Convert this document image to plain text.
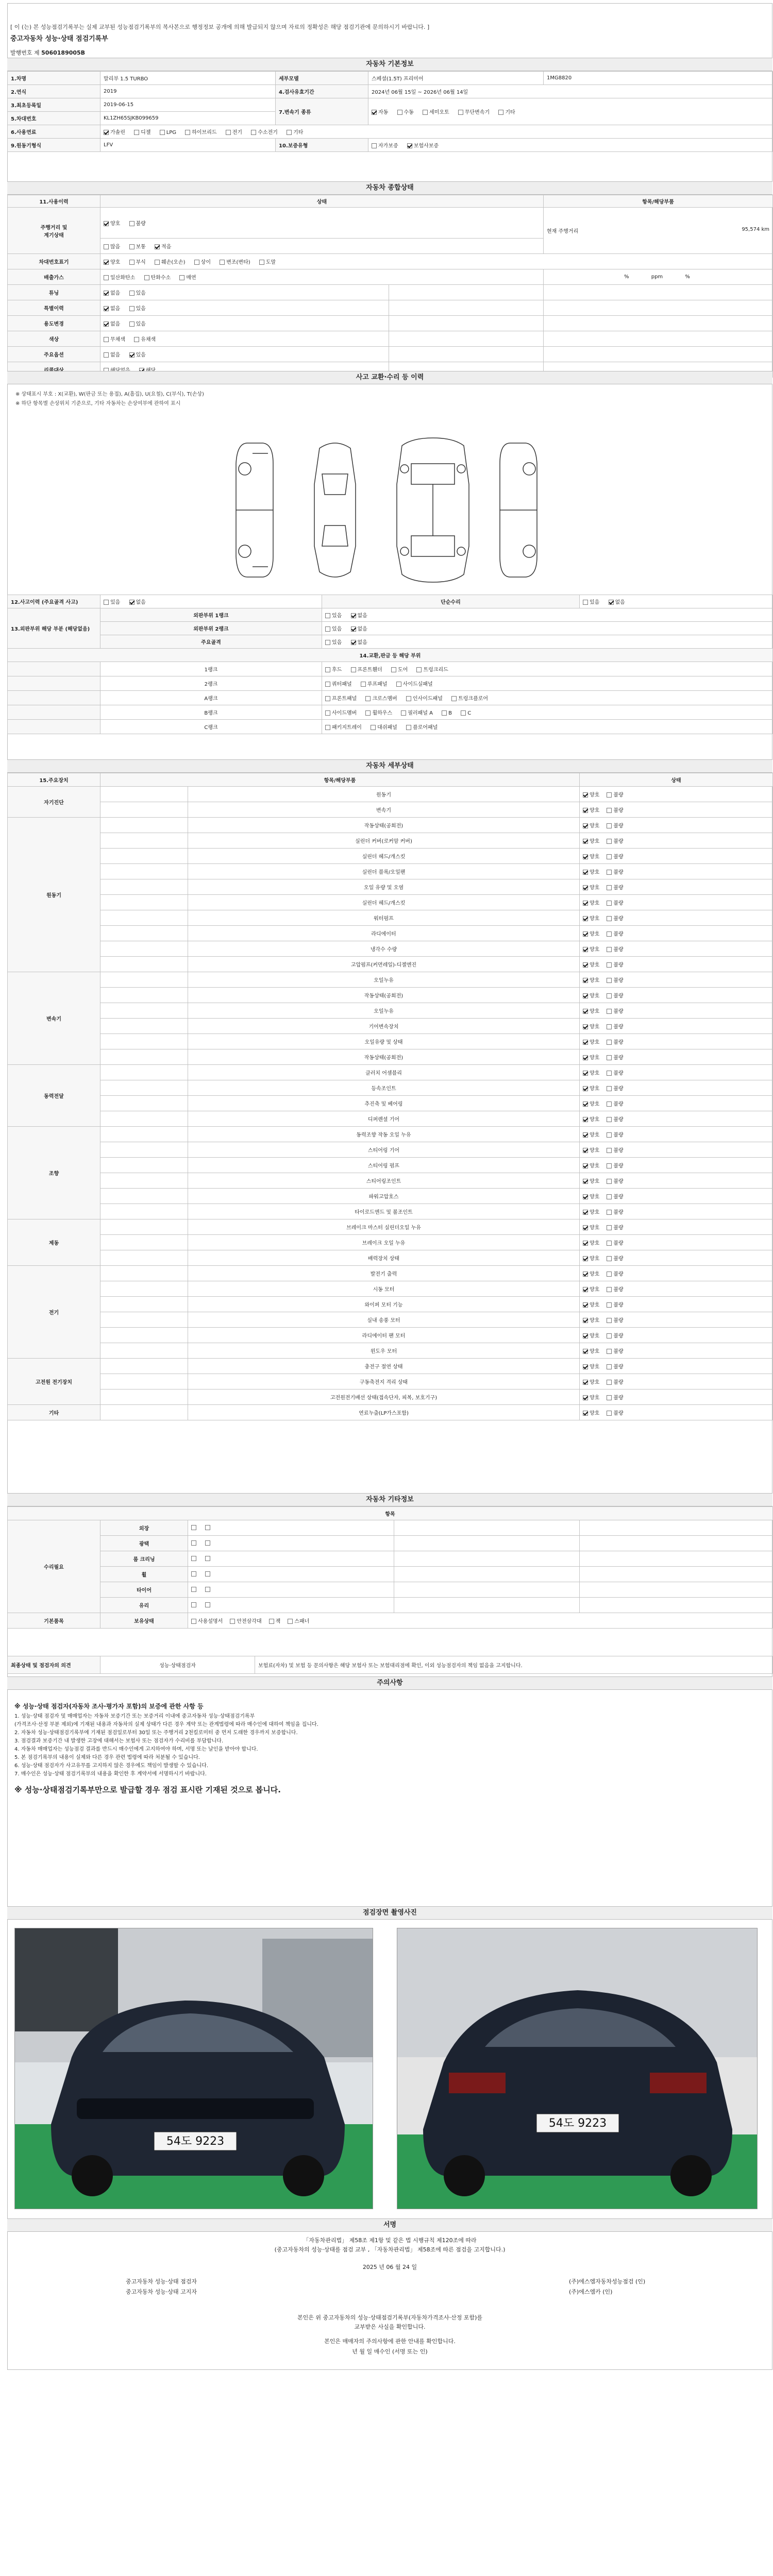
[ 이 (는) 본 성능점검기록부는 실제 교부된 성능점검기록부의 복사본으로 행정정보 공개에 의해 발급되지 않으며 자료의 정확성은 해당 점검기관에 문의하시기 바랍니다. ]
중고자동차 성능·상태 점검기록부
발행번호 제 5060189005B
자동차 기본정보
1.차명	말리부 1.5 TURBO	세부모델	스페셜(1.5T) 프리미어	1MG8820
2.연식	2019	4.검사유효기간	2024년 06월 15일 ~ 2026년 06월 14일	
3.최초등록일	2019-06-15	7.변속기 종류	자동 수동 세미오토 무단변속기 기타	
5.차대번호	KL1ZH65SJKB099659			
6.사용연료	가솔린 디젤 LPG 하이브리드 전기 수소전기 기타			
9.원동기형식	LFV	10.보증유형	자가보증 보험사보증	
자동차 종합상태
11.사용이력	상태		항목/해당부품
주행거리 및
계기상태	양호 불량		현재 주행거리 95,574 km

	많음 보통 적음		
차대번호표기	양호 부식 훼손(오손) 상이 변조(변타) 도말		
배출가스	일산화탄소 탄화수소 매연		% ppm %
튜닝	없음 있음		
특별이력	없음 있음		
용도변경	없음 있음		
색상	무채색 유채색		
주요옵션	없음 있음		

사고 교환·수리 등 이력
※ 상태표시 부호 : X(교환), W(판금 또는 용접), A(흠집), U(요철), C(부식), T(손상)
※ 하단 항목별 손상위치 기준으로, 기타 자동차는 손상여부에 관하여 표시
12.사고이력 (주요골격 사고)	있음 없음	단순수리	있음 없음
13.외판부위 해당 부분 (해당없음)	외판부위 1랭크	있음 없음	
	외판부위 2랭크	있음 없음	
	주요골격	있음 없음	
14.교환,판금 등 해당 부위			
	1랭크	후드 프론트휀더 도어 트렁크리드	
	2랭크	쿼터패널 루프패널 사이드실패널	
	A랭크	프론트패널 크로스멤버 인사이드패널 트렁크플로어	
	B랭크	사이드멤버 휠하우스 필러패널 A B C	
	C랭크	패키지트레이 대쉬패널 플로어패널	
자동차 세부상태
15.주요장치	항목/해당부품		상태
자기진단		원동기	양호 불량
		변속기	양호 불량
원동기		작동상태(공회전)	양호 불량
		실린더 커버(로커암 커버)	양호 불량
		실린더 헤드/개스킷	양호 불량
		실린더 블록/오일팬	양호 불량
		오일 유량 및 오염	양호 불량
		실린더 헤드/개스킷	양호 불량
		워터펌프	양호 불량
		라디에이터	양호 불량
		냉각수 수량	양호 불량
		고압펌프(커먼레일)-디젤엔진	양호 불량
변속기		오일누유	양호 불량
		작동상태(공회전)	양호 불량
		오일누유	양호 불량
		기어변속장치	양호 불량
		오일유량 및 상태	양호 불량
		작동상태(공회전)	양호 불량
동력전달		클러치 어셈블리	양호 불량
		등속조인트	양호 불량
		추진축 및 베어링	양호 불량
		디퍼렌셜 기어	양호 불량
조향		동력조향 작동 오일 누유	양호 불량
		스티어링 기어	양호 불량
		스티어링 펌프	양호 불량
		스티어링조인트	양호 불량
		파워고압호스	양호 불량
		타이로드엔드 및 볼조인트	양호 불량
제동		브레이크 마스터 실린더오일 누유	양호 불량
		브레이크 오일 누유	양호 불량
		배력장치 상태	양호 불량
전기		발전기 출력	양호 불량
		시동 모터	양호 불량
		와이퍼 모터 기능	양호 불량
		실내 송풍 모터	양호 불량
		라디에이터 팬 모터	양호 불량
		윈도우 모터	양호 불량
고전원 전기장치		충전구 절연 상태	양호 불량
		구동축전지 격리 상태	양호 불량
		고전원전기배선 상태(접속단자, 피복, 보호기구)	양호 불량
기타		연료누출(LP가스포함)	양호 불량
자동차 기타정보
항목				
수리필요	외장			
	광택			
	룸 크리닝			
	휠			
	타이어			
	유리			
기본품목	보유상태	사용설명서 안전삼각대 잭 스패너		
최종상태 및 점검자의 의견	성능·상태점검자	보험료(자차) 및 보험 등 문의사항은 해당 보험사 또는 보험대리점에 확인, 이외 성능점검자의 책임 없음을 고지합니다.
주의사항
※ 성능·상태 점검자(자동차 조사·평가자 포함)의 보증에 관한 사항 등
1. 성능·상태 점검자 및 매매업자는 자동차 보증기간 또는 보증거리 이내에 중고자동차 성능·상태점검기록부
(가격조사·산정 부분 제외)에 기재된 내용과 자동차의 실제 상태가 다른 경우 계약 또는 관계법령에 따라 매수인에 대하여 책임을 집니다.
2. 자동차 성능·상태점검기록부에 기재된 점검일로부터 30일 또는 주행거리 2천킬로미터 중 먼저 도래한 경우까지 보증합니다.
3. 점검결과 보증기간 내 발생한 고장에 대해서는 보험사 또는 점검자가 수리비를 부담합니다.
4. 자동차 매매업자는 성능점검 결과를 반드시 매수인에게 고지하여야 하며, 서명 또는 날인을 받아야 합니다.
5. 본 점검기록부의 내용이 실제와 다른 경우 관련 법령에 따라 처분될 수 있습니다.
6. 성능·상태 점검자가 사고유무를 고지하지 않은 경우에도 책임이 발생할 수 있습니다.
7. 매수인은 성능·상태 점검기록부의 내용을 확인한 후 계약서에 서명하시기 바랍니다.
※ 성능·상태점검기록부만으로 발급할 경우 점검 표시란 기재된 것으로 봅니다.
점검장면 촬영사진
54도 9223
54도 9223
서명
「자동차관리법」 제58조 제1항 및 같은 법 시행규칙 제120조에 따라
(중고자동차의 성능·상태를 점검 교부 , 「자동차관리법」 제58조에 따른 점검을 고지합니다.)
2025 년 06 월 24 일
중고자동차 성능·상태 점검자
중고자동차 성능·상태 고지자
(주)에스엠자동차성능점검 (인)
(주)에스엠카 (인)
본인은 위 중고자동차의 성능·상태점검기록부(자동차가격조사·산정 포함)를
교부받은 사실을 확인합니다.
본인은 매매자의 주의사항에 관한 안내를 확인합니다.
년 월 일 매수인 (서명 또는 인)
